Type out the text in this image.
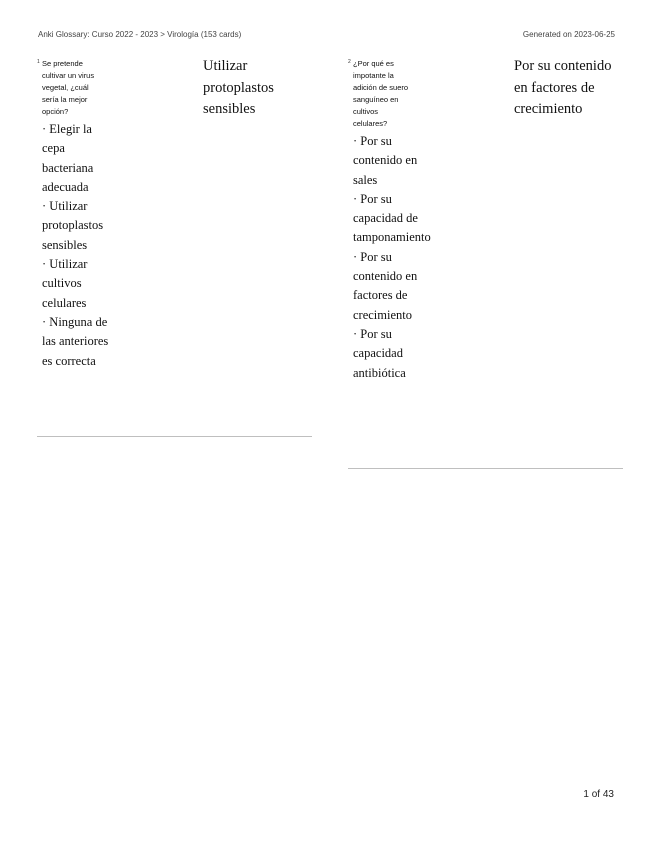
Anki Glossary: Curso 2022 - 2023 > Virología (153 cards)	Generated on 2023-06-25
1 Se pretende cultivar un virus vegetal, ¿cuál sería la mejor opción?
· Elegir la cepa bacteriana adecuada
· Utilizar protoplastos sensibles
· Utilizar cultivos celulares
· Ninguna de las anteriores es correcta
Utilizar protoplastos sensibles
2 ¿Por qué es impotante la adición de suero sanguíneo en cultivos celulares?
· Por su contenido en sales
· Por su capacidad de tamponamiento
· Por su contenido en factores de crecimiento
· Por su capacidad antibiótica
Por su contenido en factores de crecimiento
1 of 43
